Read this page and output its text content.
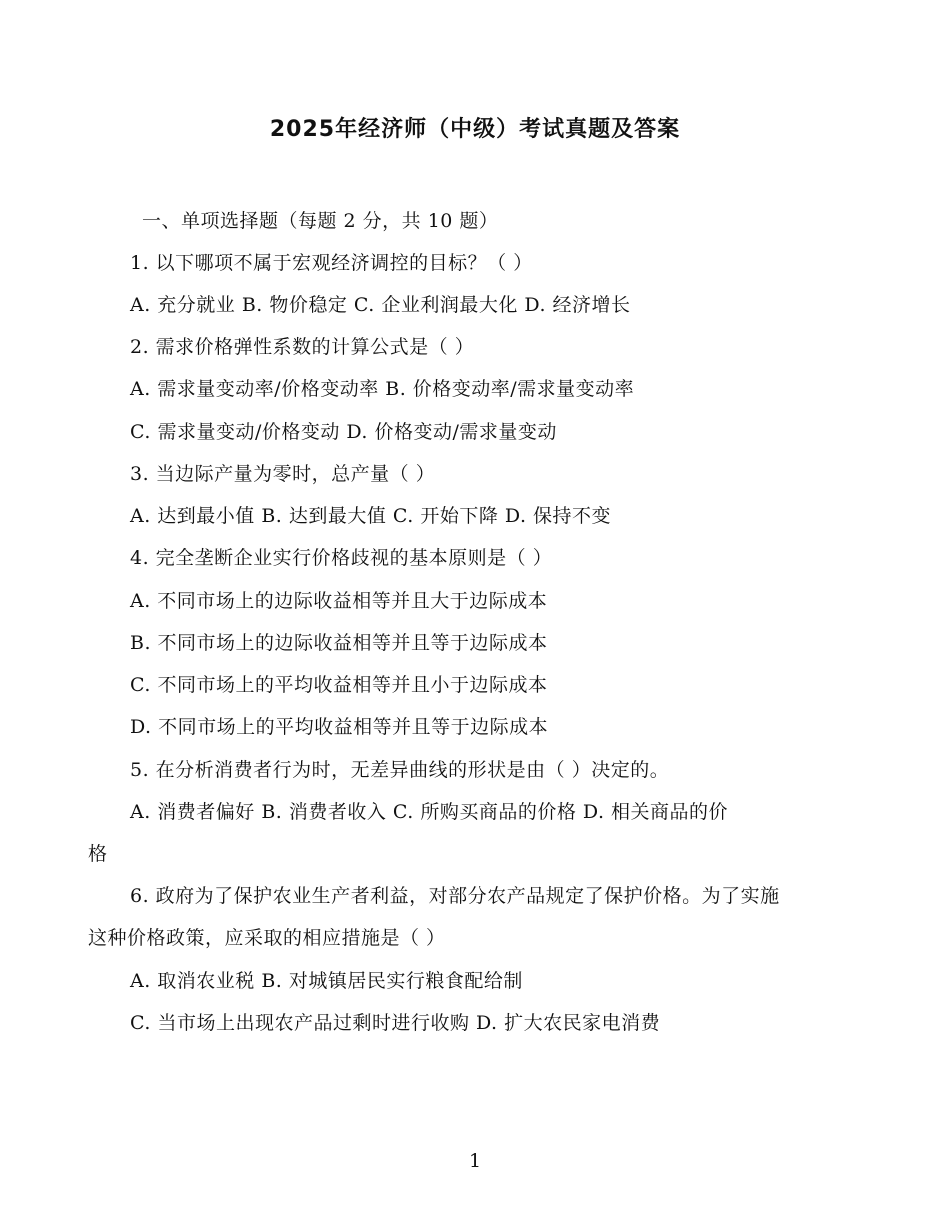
2025年经济师（中级）考试真题及答案
一、单项选择题（每题 2 分，共 10 题）
1. 以下哪项不属于宏观经济调控的目标？（ ）
A. 充分就业 B. 物价稳定 C. 企业利润最大化 D. 经济增长
2. 需求价格弹性系数的计算公式是（ ）
A. 需求量变动率/价格变动率 B. 价格变动率/需求量变动率
C. 需求量变动/价格变动 D. 价格变动/需求量变动
3. 当边际产量为零时，总产量（ ）
A. 达到最小值 B. 达到最大值 C. 开始下降 D. 保持不变
4. 完全垄断企业实行价格歧视的基本原则是（ ）
A. 不同市场上的边际收益相等并且大于边际成本
B. 不同市场上的边际收益相等并且等于边际成本
C. 不同市场上的平均收益相等并且小于边际成本
D. 不同市场上的平均收益相等并且等于边际成本
5. 在分析消费者行为时，无差异曲线的形状是由（ ）决定的。
A. 消费者偏好 B. 消费者收入 C. 所购买商品的价格 D. 相关商品的价
格
6. 政府为了保护农业生产者利益，对部分农产品规定了保护价格。为了实施
这种价格政策，应采取的相应措施是（ ）
A. 取消农业税 B. 对城镇居民实行粮食配给制
C. 当市场上出现农产品过剩时进行收购 D. 扩大农民家电消费
1
